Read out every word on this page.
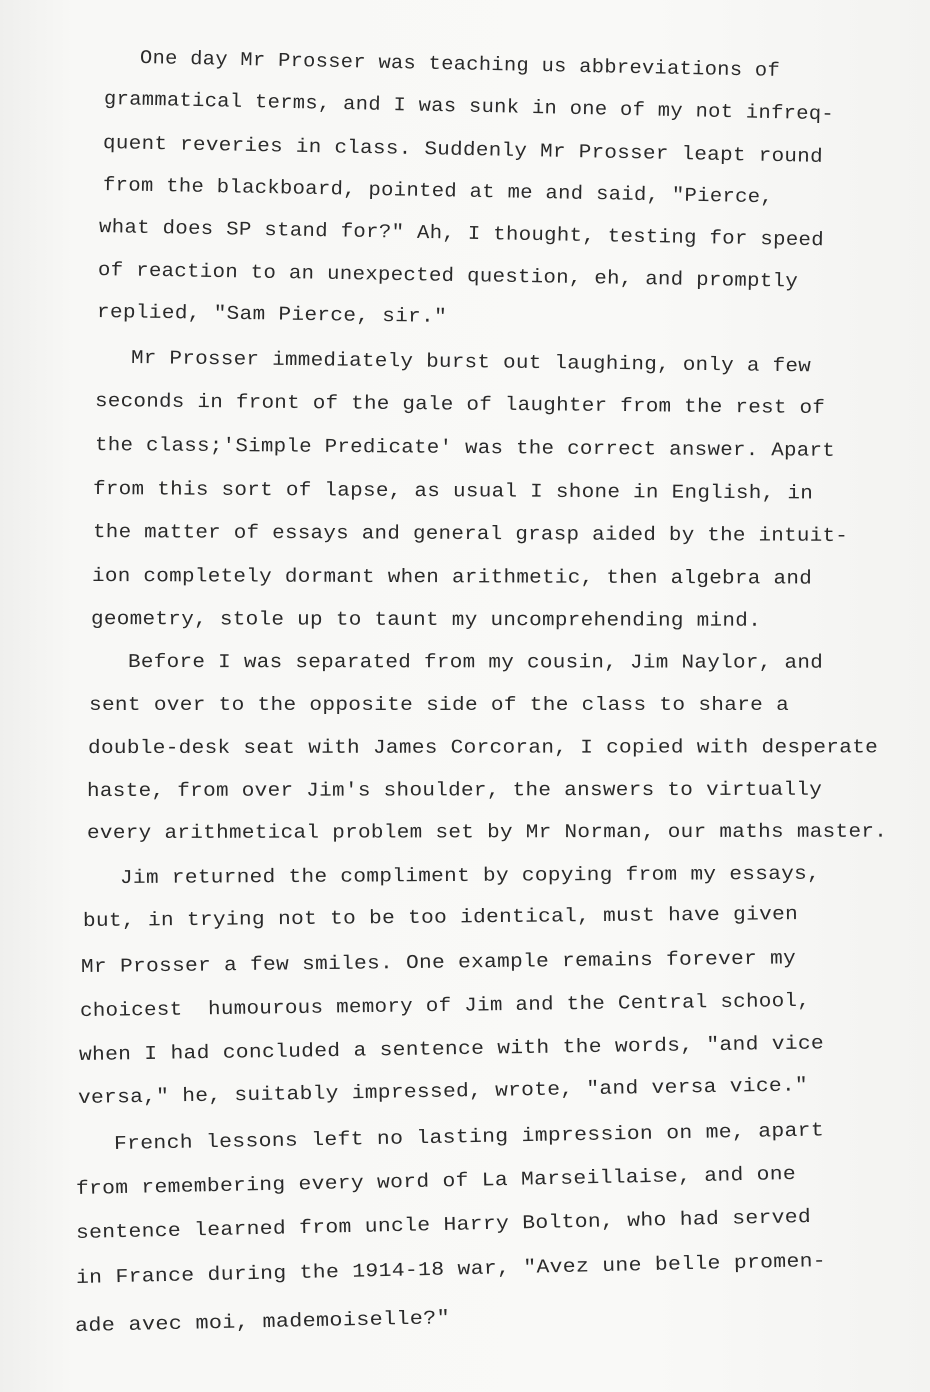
One day Mr Prosser was teaching us abbreviations of
grammatical terms, and I was sunk in one of my not infreq-
quent reveries in class. Suddenly Mr Prosser leapt round
from the blackboard, pointed at me and said, "Pierce,
what does SP stand for?" Ah, I thought, testing for speed
of reaction to an unexpected question, eh, and promptly
replied, "Sam Pierce, sir."
Mr Prosser immediately burst out laughing, only a few
seconds in front of the gale of laughter from the rest of
the class;'Simple Predicate' was the correct answer. Apart
from this sort of lapse, as usual I shone in English, in
the matter of essays and general grasp aided by the intuit-
ion completely dormant when arithmetic, then algebra and
geometry, stole up to taunt my uncomprehending mind.
Before I was separated from my cousin, Jim Naylor, and
sent over to the opposite side of the class to share a
double-desk seat with James Corcoran, I copied with desperate
haste, from over Jim's shoulder, the answers to virtually
every arithmetical problem set by Mr Norman, our maths master.
Jim returned the compliment by copying from my essays,
but, in trying not to be too identical, must have given
Mr Prosser a few smiles. One example remains forever my
choicest  humourous memory of Jim and the Central school,
when I had concluded a sentence with the words, "and vice
versa," he, suitably impressed, wrote, "and versa vice."
French lessons left no lasting impression on me, apart
from remembering every word of La Marseillaise, and one
sentence learned from uncle Harry Bolton, who had served
in France during the 1914-18 war, "Avez une belle promen-
ade avec moi, mademoiselle?"
